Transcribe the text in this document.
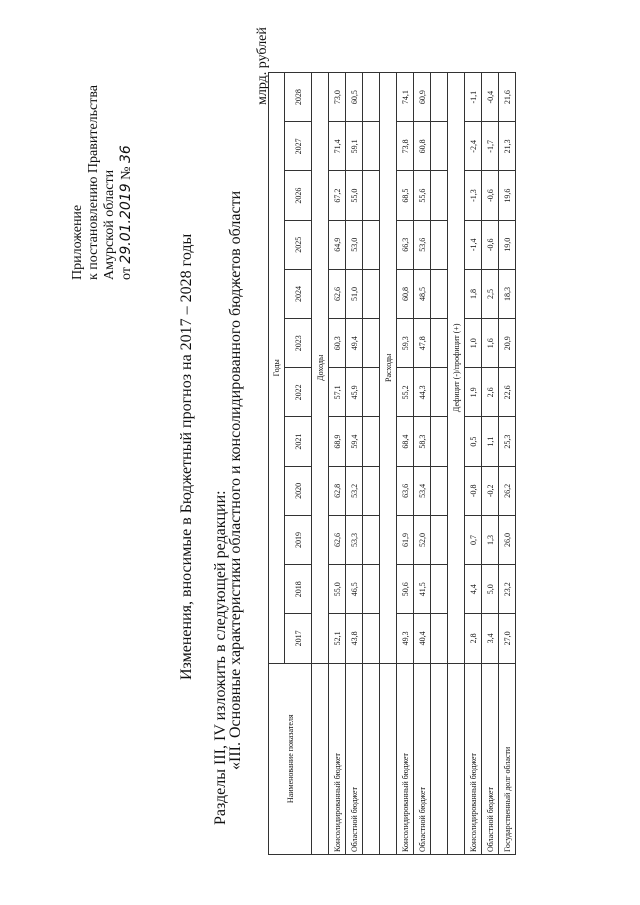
Приложение к постановлению Правительства Амурской области от 29.01.2019 № 36
Изменения, вносимые в Бюджетный прогноз на 2017 – 2028 годы Разделы III, IV изложить в следующей редакции:
«III. Основные характеристики областного и консолидированного бюджетов области
млрд. рублей
Наименование показателя	Годы											
	2017	2018	2019	2020	2021	2022	2023	2024	2025	2026	2027	2028
	Доходы											
Консолидированный бюджет	52,1	55,0	62,6	62,8	68,9	57,1	60,3	62,6	64,9	67,2	71,4	73,0
Областной бюджет	43,8	46,5	53,3	53,2	59,4	45,9	49,4	51,0	53,0	55,0	59,1	60,5

	Расходы											
Консолидированный бюджет	49,3	50,6	61,9	63,6	68,4	55,2	59,3	60,8	66,3	68,5	73,8	74,1
Областной бюджет	40,4	41,5	52,0	53,4	58,3	44,3	47,8	48,5	53,6	55,6	60,8	60,9

	Дефицит (-)/профицит (+)											
Консолидированный бюджет	2,8	4,4	0,7	-0,8	0,5	1,9	1,0	1,8	-1,4	-1,3	-2,4	-1,1
Областной бюджет	3,4	5,0	1,3	-0,2	1,1	2,6	1,6	2,5	-0,6	-0,6	-1,7	-0,4
Государственный долг области	27,0	23,2	26,0	26,2	25,3	22,6	20,9	18,3	19,0	19,6	21,3	21,6
